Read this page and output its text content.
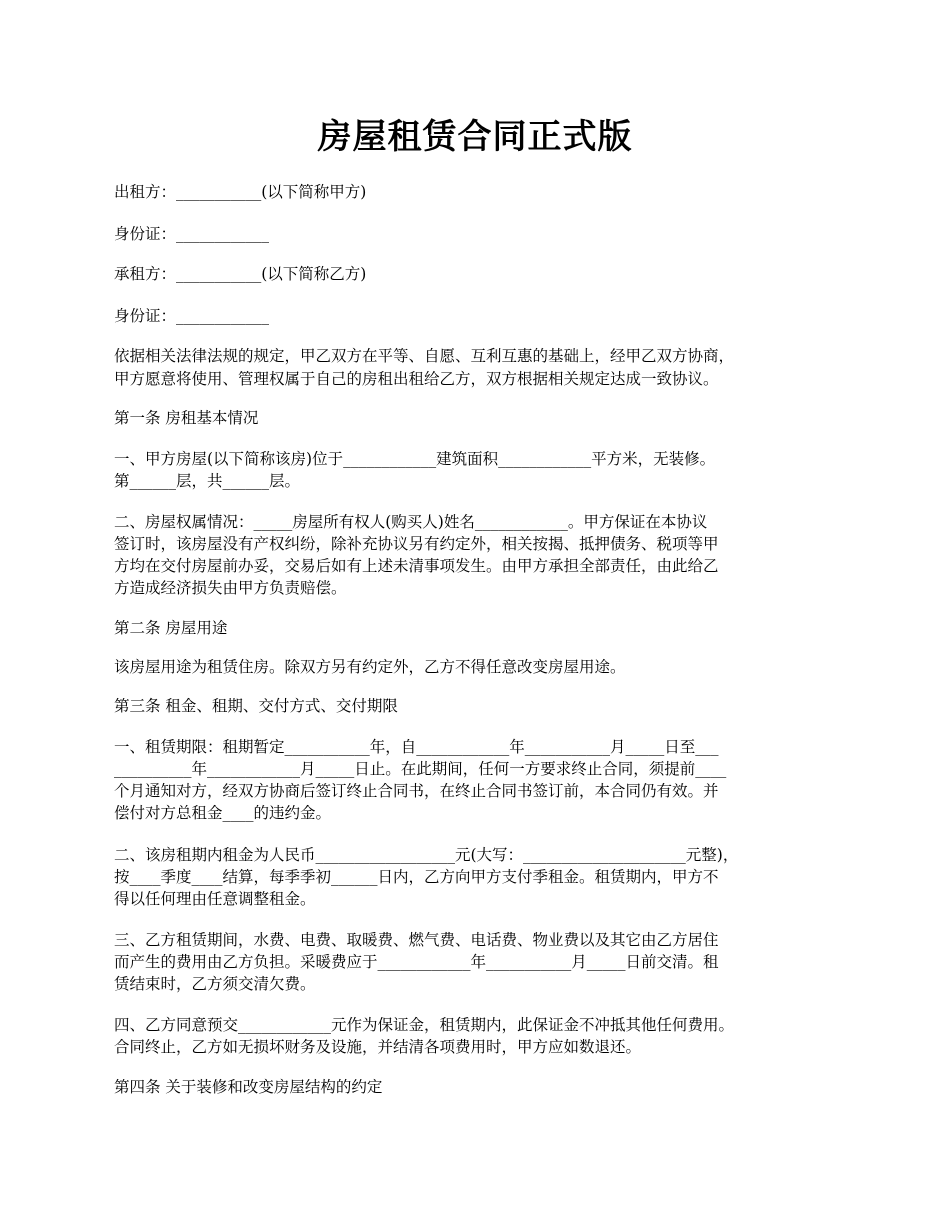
房屋租赁合同正式版
出租方：___________(以下简称甲方)
身份证：____________
承租方：___________(以下简称乙方)
身份证：____________
依据相关法律法规的规定，甲乙双方在平等、自愿、互利互惠的基础上，经甲乙双方协商，
甲方愿意将使用、管理权属于自己的房租出租给乙方，双方根据相关规定达成一致协议。
第一条 房租基本情况
一、甲方房屋(以下简称该房)位于____________建筑面积____________平方米，无装修。
第______层，共______层。
二、房屋权属情况：_____房屋所有权人(购买人)姓名____________。甲方保证在本协议
签订时，该房屋没有产权纠纷，除补充协议另有约定外，相关按揭、抵押债务、税项等甲
方均在交付房屋前办妥，交易后如有上述未清事项发生。由甲方承担全部责任，由此给乙
方造成经济损失由甲方负责赔偿。
第二条 房屋用途
该房屋用途为租赁住房。除双方另有约定外，乙方不得任意改变房屋用途。
第三条 租金、租期、交付方式、交付期限
一、租赁期限：租期暂定___________年，自____________年___________月_____日至___
__________年____________月_____日止。在此期间，任何一方要求终止合同，须提前____
个月通知对方，经双方协商后签订终止合同书，在终止合同书签订前，本合同仍有效。并
偿付对方总租金____的违约金。
二、该房租期内租金为人民币__________________元(大写：_____________________元整)，
按____季度____结算，每季季初______日内，乙方向甲方支付季租金。租赁期内，甲方不
得以任何理由任意调整租金。
三、乙方租赁期间，水费、电费、取暖费、燃气费、电话费、物业费以及其它由乙方居住
而产生的费用由乙方负担。采暖费应于____________年___________月_____日前交清。租
赁结束时，乙方须交清欠费。
四、乙方同意预交____________元作为保证金，租赁期内，此保证金不冲抵其他任何费用。
合同终止，乙方如无损坏财务及设施，并结清各项费用时，甲方应如数退还。
第四条 关于装修和改变房屋结构的约定
